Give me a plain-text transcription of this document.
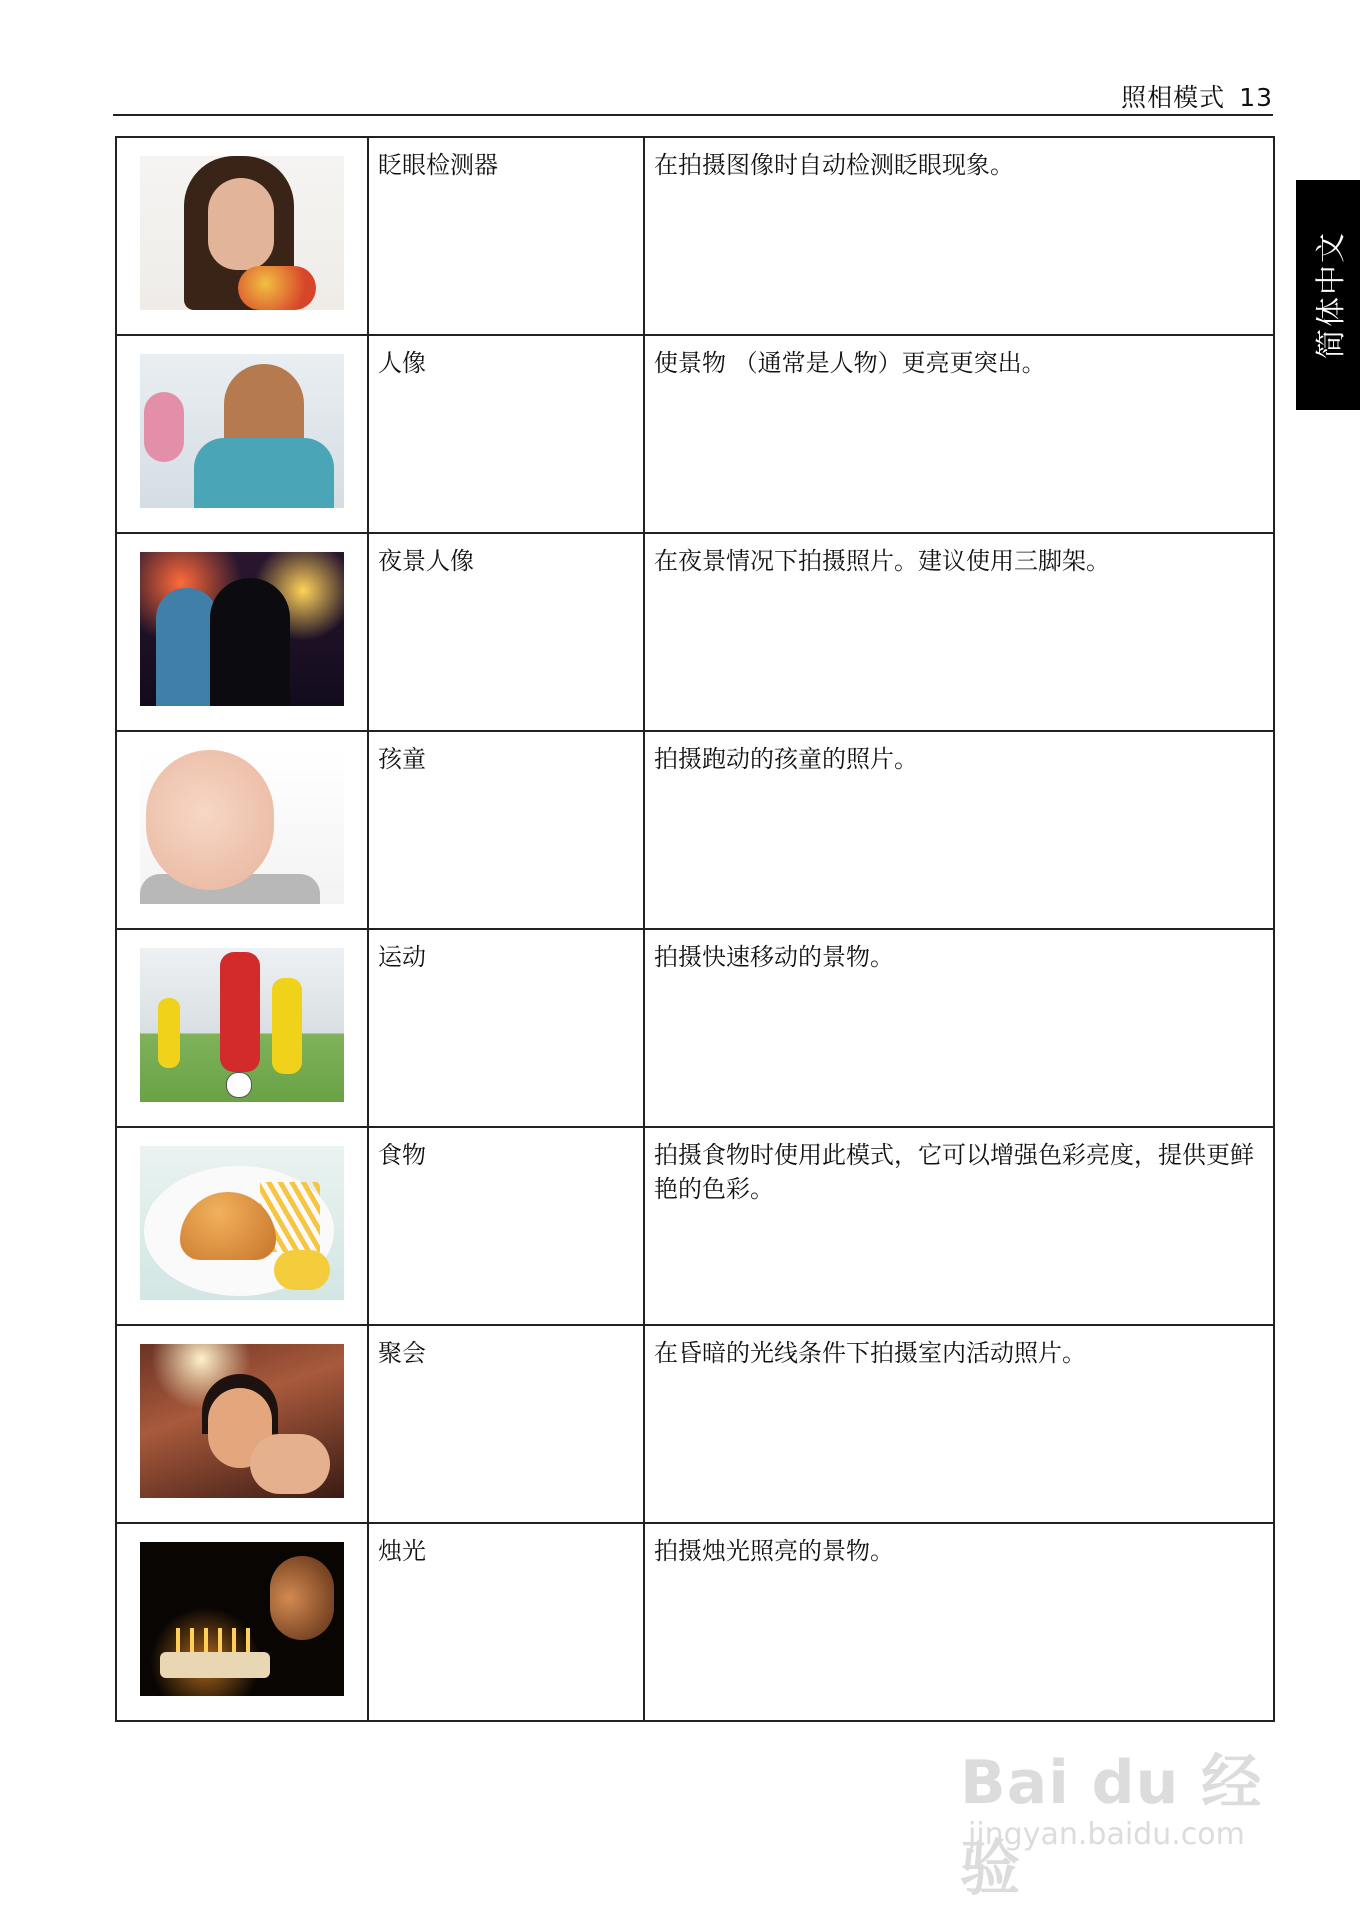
照相模式 13
简体中文
	眨眼检测器	在拍摄图像时自动检测眨眼现象。

	人像	使景物 （通常是人物）更亮更突出。

	夜景人像	在夜景情况下拍摄照片。建议使用三脚架。

	孩童	拍摄跑动的孩童的照片。

	运动	拍摄快速移动的景物。

	食物	拍摄食物时使用此模式，它可以增强色彩亮度，提供更鲜艳的色彩。

	聚会	在昏暗的光线条件下拍摄室内活动照片。

	烛光	拍摄烛光照亮的景物。
Bai du 经验
jingyan.baidu.com
